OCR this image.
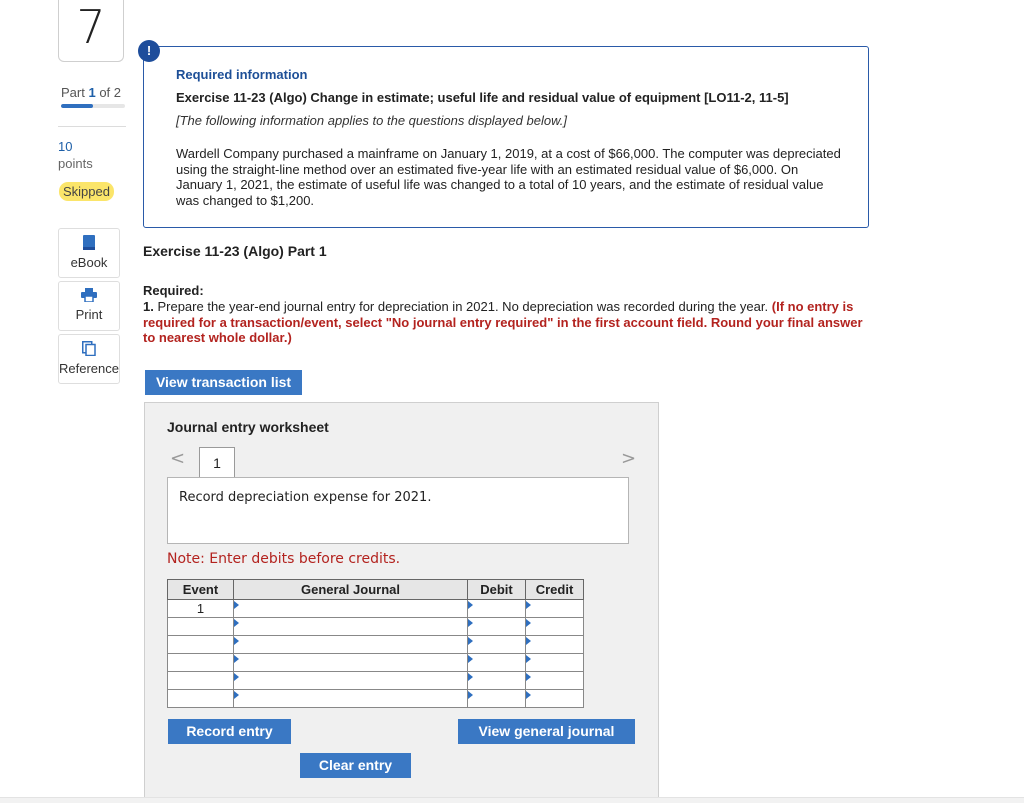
7
Part 1 of 2
10
points
Skipped
eBook
Print
Reference
!
Required information
Exercise 11-23 (Algo) Change in estimate; useful life and residual value of equipment [LO11-2, 11-5]
[The following information applies to the questions displayed below.]
Wardell Company purchased a mainframe on January 1, 2019, at a cost of $66,000. The computer was depreciated using the straight-line method over an estimated five-year life with an estimated residual value of $6,000. On January 1, 2021, the estimate of useful life was changed to a total of 10 years, and the estimate of residual value was changed to $1,200.
Exercise 11-23 (Algo) Part 1
Required:
1. Prepare the year-end journal entry for depreciation in 2021. No depreciation was recorded during the year. (If no entry is required for a transaction/event, select "No journal entry required" in the first account field. Round your final answer to nearest whole dollar.)
View transaction list
Journal entry worksheet
<	>
1
Record depreciation expense for 2021.
Note: Enter debits before credits.
Event	General Journal	Debit	Credit
1	

Record entry	View general journal
Clear entry
